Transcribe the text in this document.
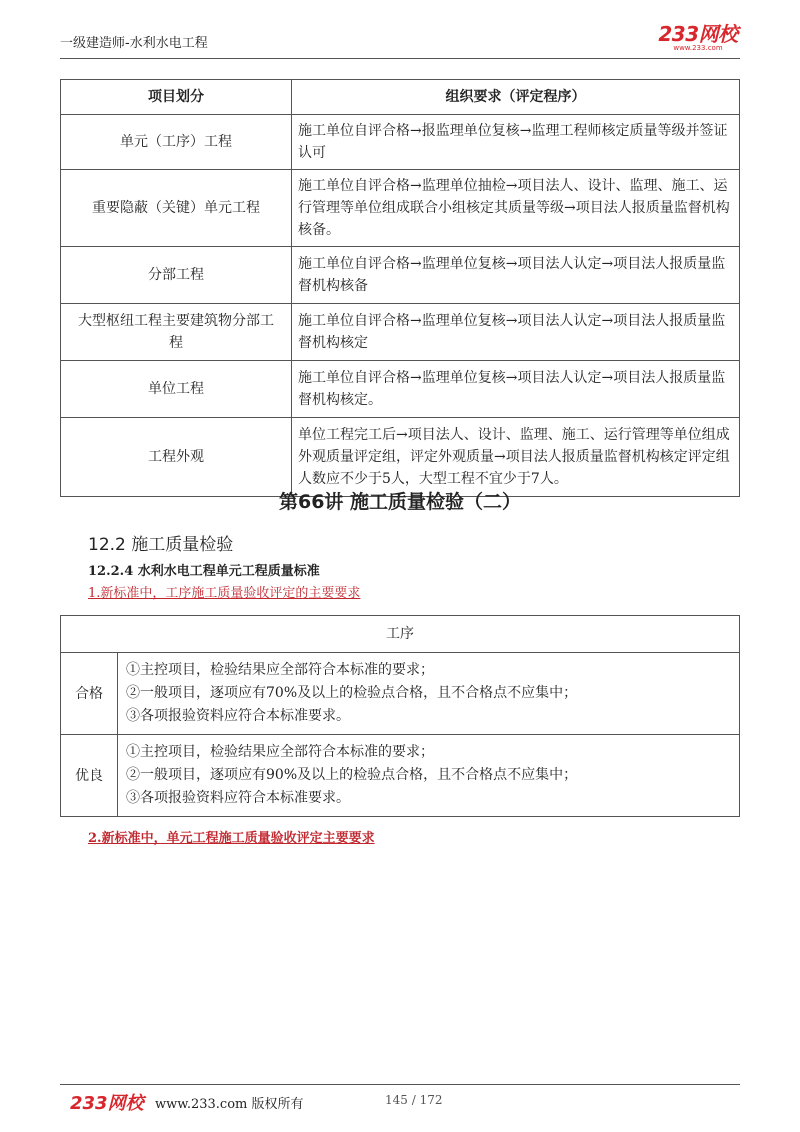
一级建造师-水利水电工程	233网校
www.233.com
项目划分	组织要求（评定程序）
单元（工序）工程	施工单位自评合格→报监理单位复核→监理工程师核定质量等级并签证认可
重要隐蔽（关键）单元工程	施工单位自评合格→监理单位抽检→项目法人、设计、监理、施工、运行管理等单位组成联合小组核定其质量等级→项目法人报质量监督机构核备。
分部工程	施工单位自评合格→监理单位复核→项目法人认定→项目法人报质量监督机构核备
大型枢纽工程主要建筑物分部工程	施工单位自评合格→监理单位复核→项目法人认定→项目法人报质量监督机构核定
单位工程	施工单位自评合格→监理单位复核→项目法人认定→项目法人报质量监督机构核定。
工程外观	单位工程完工后→项目法人、设计、监理、施工、运行管理等单位组成外观质量评定组，评定外观质量→项目法人报质量监督机构核定评定组人数应不少于5人，大型工程不宜少于7人。
第66讲 施工质量检验（二）
12.2 施工质量检验
12.2.4 水利水电工程单元工程质量标准
1.新标准中，工序施工质量验收评定的主要要求
工序	
合格	①主控项目，检验结果应全部符合本标准的要求；
②一般项目，逐项应有70%及以上的检验点合格，且不合格点不应集中；
③各项报验资料应符合本标准要求。

优良	①主控项目，检验结果应全部符合本标准的要求；
②一般项目，逐项应有90%及以上的检验点合格，且不合格点不应集中；
③各项报验资料应符合本标准要求。
2.新标准中，单元工程施工质量验收评定主要要求
233网校 www.233.com 版权所有	145 / 172
